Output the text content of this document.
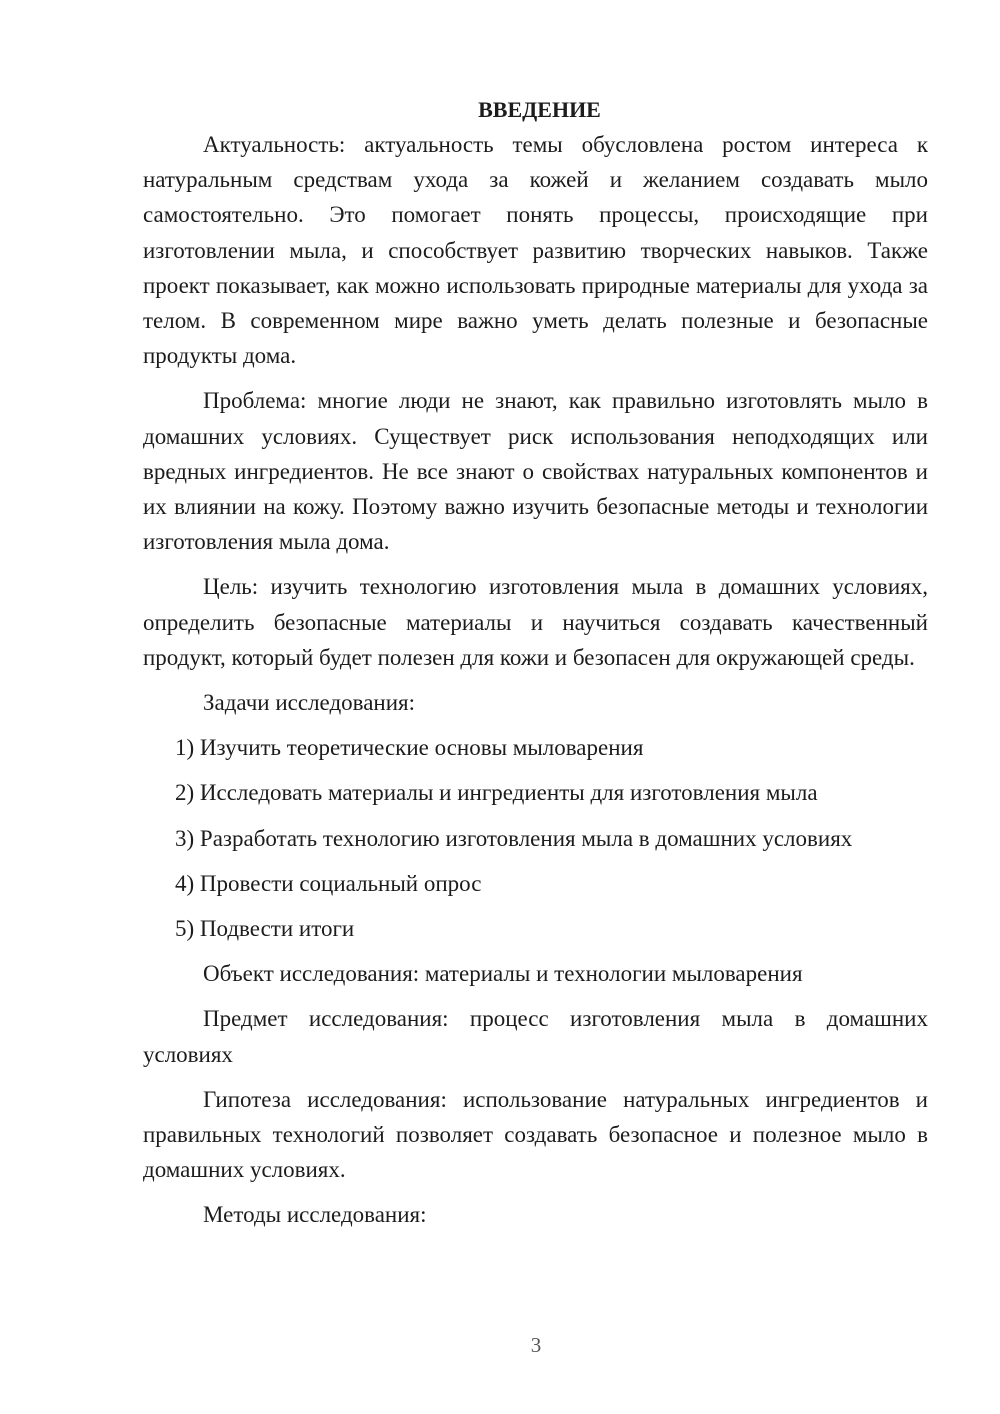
ВВЕДЕНИЕ

Актуальность: актуальность темы обусловлена ростом интереса к натуральным средствам ухода за кожей и желанием создавать мыло самостоятельно. Это помогает понять процессы, происходящие при изготовлении мыла, и способствует развитию творческих навыков. Также проект показывает, как можно использовать природные материалы для ухода за телом. В современном мире важно уметь делать полезные и безопасные продукты дома.

Проблема: многие люди не знают, как правильно изготовлять мыло в домашних условиях. Существует риск использования неподходящих или вредных ингредиентов. Не все знают о свойствах натуральных компонентов и их влиянии на кожу. Поэтому важно изучить безопасные методы и технологии изготовления мыла дома.

Цель: изучить технологию изготовления мыла в домашних условиях, определить безопасные материалы и научиться создавать качественный продукт, который будет полезен для кожи и безопасен для окружающей среды.

Задачи исследования:

1) Изучить теоретические основы мыловарения

2) Исследовать материалы и ингредиенты для изготовления мыла

3) Разработать технологию изготовления мыла в домашних условиях

4) Провести социальный опрос

5) Подвести итоги

Объект исследования: материалы и технологии мыловарения

Предмет исследования: процесс изготовления мыла в домашних условиях

Гипотеза исследования: использование натуральных ингредиентов и правильных технологий позволяет создавать безопасное и полезное мыло в домашних условиях.

Методы исследования:

3
